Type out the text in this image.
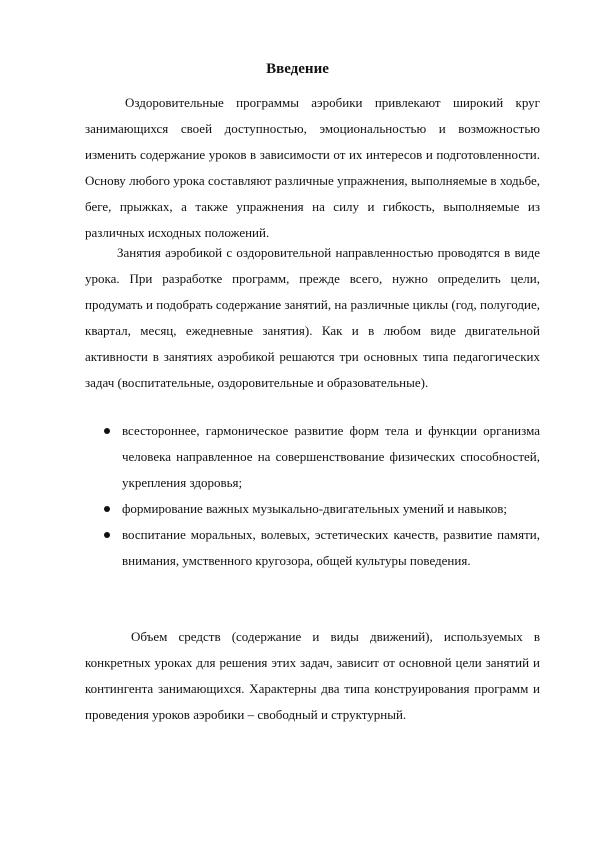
Введение

Оздоровительные программы аэробики привлекают широкий круг занимающихся своей доступностью, эмоциональностью и возможностью изменить содержание уроков в зависимости от их интересов и подготовленности. Основу любого урока составляют различные упражнения, выполняемые в ходьбе, беге, прыжках, а также упражнения на силу и гибкость, выполняемые из различных исходных положений.

Занятия аэробикой с оздоровительной направленностью проводятся в виде урока. При разработке программ, прежде всего, нужно определить цели, продумать и подобрать содержание занятий, на различные циклы (год, полугодие, квартал, месяц, ежедневные занятия). Как и в любом виде двигательной активности в занятиях аэробикой решаются три основных типа педагогических задач (воспитательные, оздоровительные и образовательные).

всестороннее, гармоническое развитие форм тела и функции организма человека направленное на совершенствование физических способностей, укрепления здоровья;
формирование важных музыкально-двигательных умений и навыков;
воспитание моральных, волевых, эстетических качеств, развитие памяти, внимания, умственного кругозора, общей культуры поведения.

Объем средств (содержание и виды движений), используемых в конкретных уроках для решения этих задач, зависит от основной цели занятий и контингента занимающихся. Характерны два типа конструирования программ и проведения уроков аэробики – свободный и структурный.
